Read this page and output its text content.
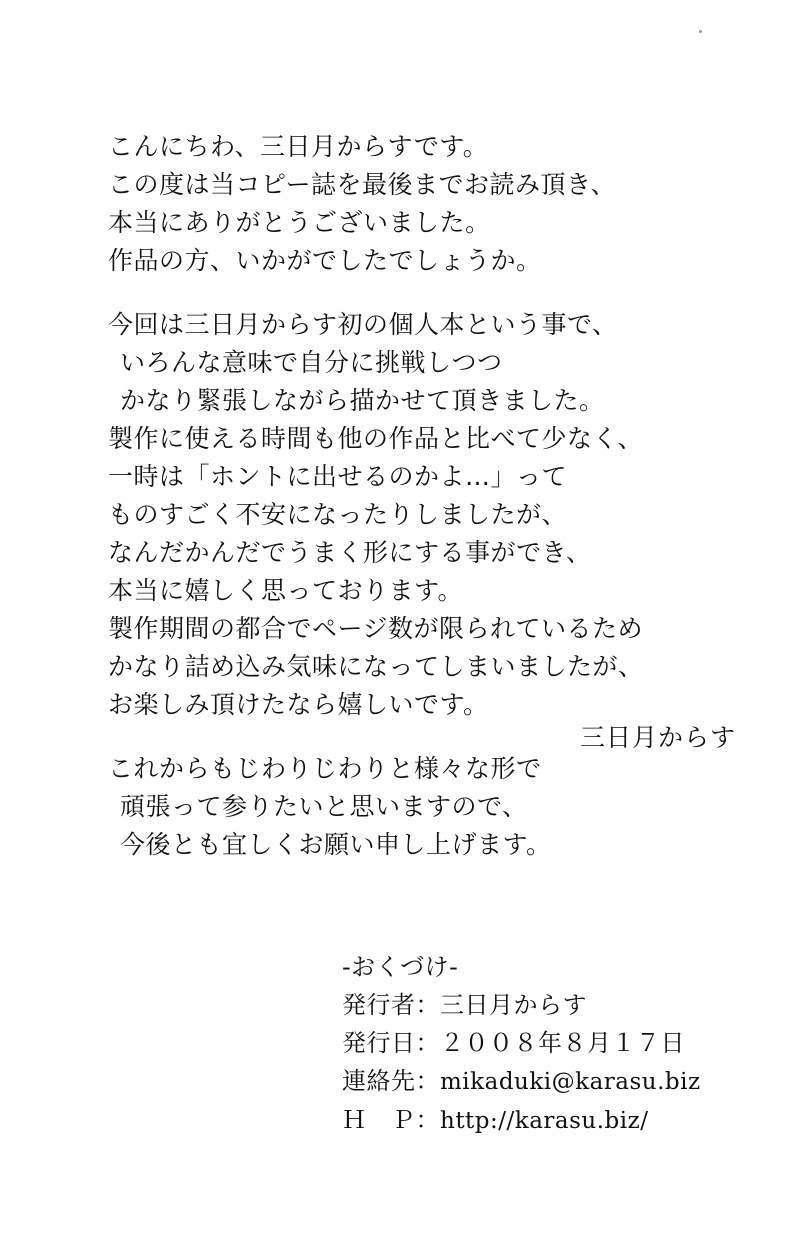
こんにちわ、三日月からすです。
この度は当コピー誌を最後までお読み頂き、
本当にありがとうございました。
作品の方、いかがでしたでしょうか。
今回は三日月からす初の個人本という事で、
いろんな意味で自分に挑戦しつつ
かなり緊張しながら描かせて頂きました。
製作に使える時間も他の作品と比べて少なく、
一時は「ホントに出せるのかよ…」って
ものすごく不安になったりしましたが、
なんだかんだでうまく形にする事ができ、
本当に嬉しく思っております。
製作期間の都合でページ数が限られているため
かなり詰め込み気味になってしまいましたが、
お楽しみ頂けたなら嬉しいです。
これからもじわりじわりと様々な形で
頑張って参りたいと思いますので、
今後とも宜しくお願い申し上げます。
三日月からす
-おくづけ-
発行者：三日月からす
発行日：２００８年８月１７日
連絡先：mikaduki@karasu.biz
Ｈ　Ｐ：http://karasu.biz/
